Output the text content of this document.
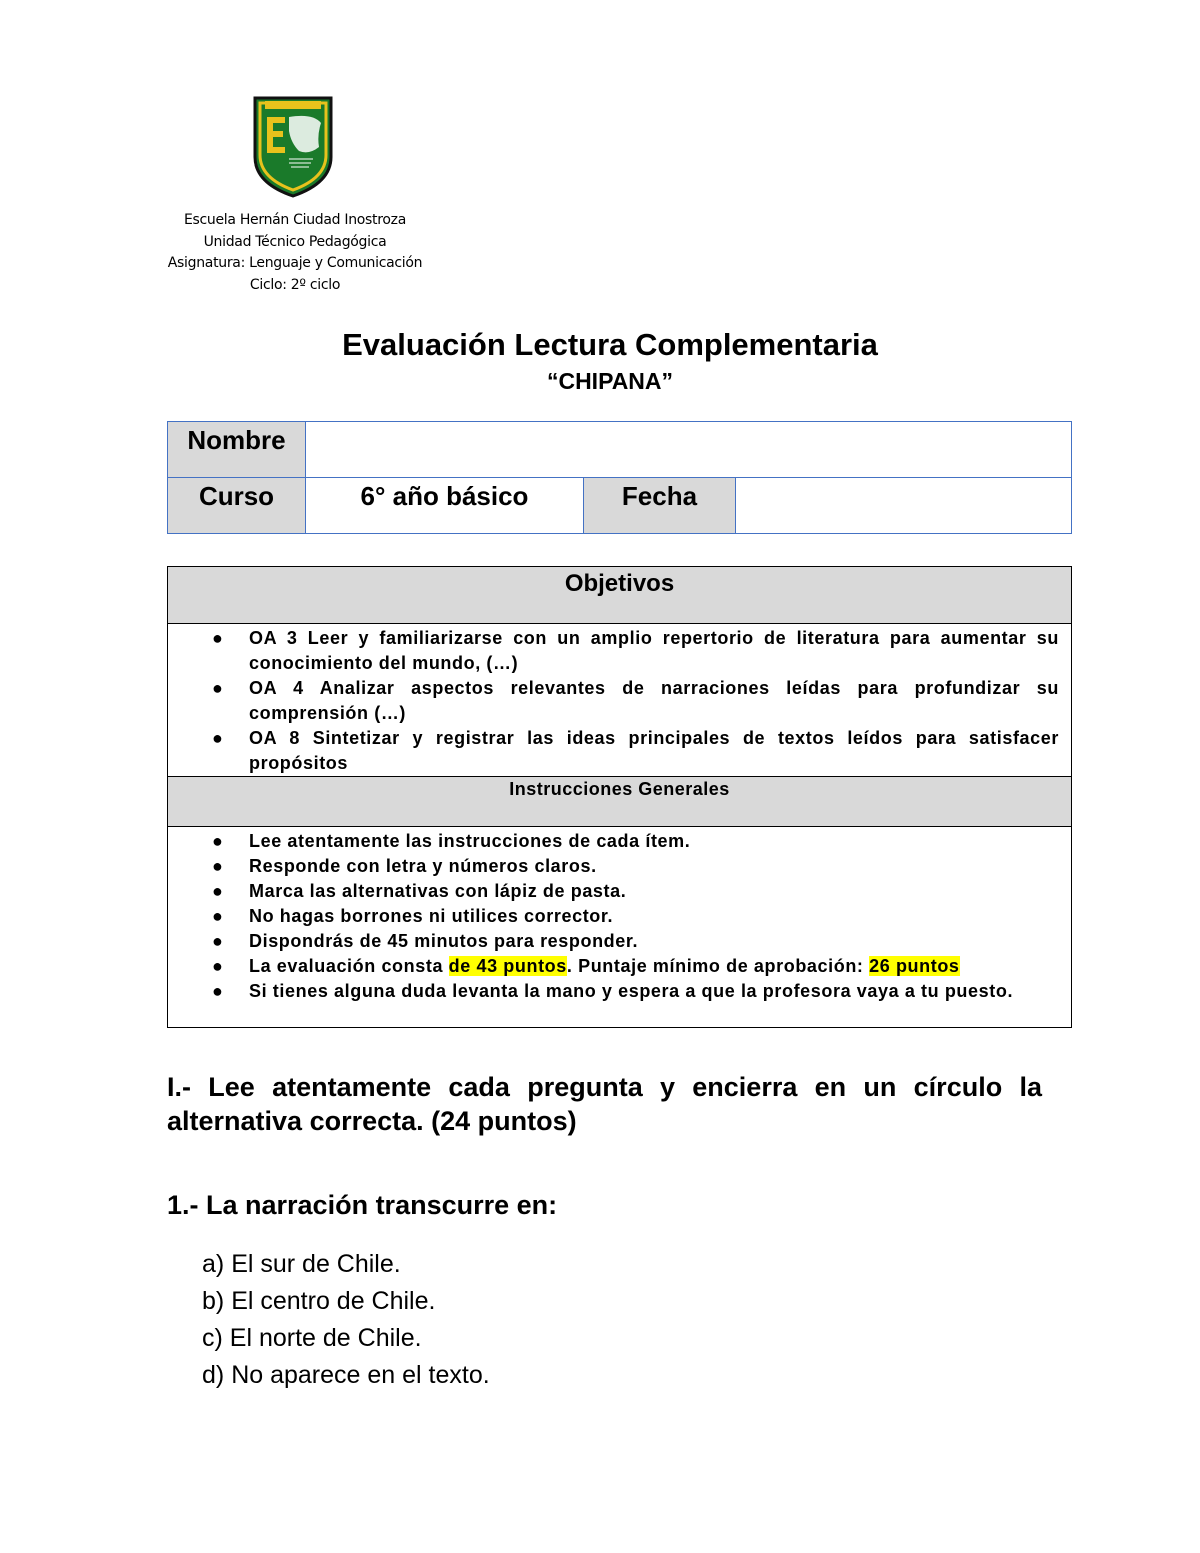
Escuela Hernán Ciudad Inostroza
Unidad Técnico Pedagógica
Asignatura: Lenguaje y Comunicación
Ciclo: 2º ciclo
Evaluación Lectura Complementaria
“CHIPANA”
Nombre			
Curso	6° año básico	Fecha	
Objetivos

● OA 3 Leer y familiarizarse con un amplio repertorio de literatura para aumentar su conocimiento del mundo, (…)
● OA 4 Analizar aspectos relevantes de narraciones leídas para profundizar su comprensión (…)
● OA 8 Sintetizar y registrar las ideas principales de textos leídos para satisfacer propósitos

Instrucciones Generales

● Lee atentamente las instrucciones de cada ítem.
● Responde con letra y números claros.
● Marca las alternativas con lápiz de pasta.
● No hagas borrones ni utilices corrector.
● Dispondrás de 45 minutos para responder.
● La evaluación consta de 43 puntos. Puntaje mínimo de aprobación: 26 puntos
● Si tienes alguna duda levanta la mano y espera a que la profesora vaya a tu puesto.
I.- Lee atentamente cada pregunta y encierra en un círculo la alternativa correcta. (24 puntos)
1.- La narración transcurre en:
a) El sur de Chile.
b) El centro de Chile.
c) El norte de Chile.
d) No aparece en el texto.
